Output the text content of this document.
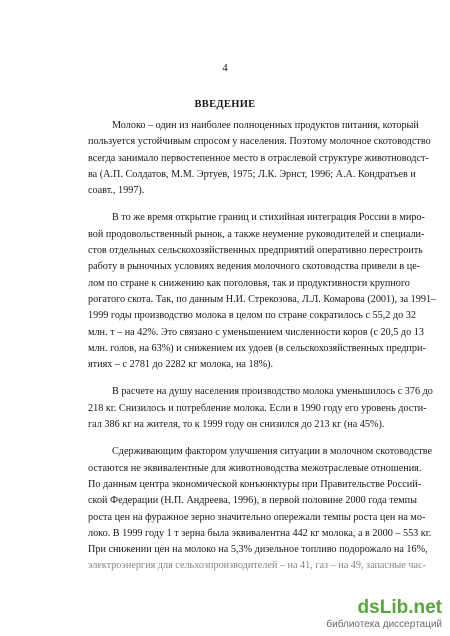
4
ВВЕДЕНИЕ
Молоко – один из наиболее полноценных продуктов питания, который
пользуется устойчивым спросом у населения. Поэтому молочное скотоводство
всегда занимало первостепенное место в отраслевой структуре животноводст-
ва (А.П. Солдатов, М.М. Эртуев, 1975; Л.К. Эрнст, 1996; А.А. Кондратьев и
соавт., 1997).
В то же время открытие границ и стихийная интеграция России в миро-
вой продовольственный рынок, а также неумение руководителей и специали-
стов отдельных сельскохозяйственных предприятий оперативно перестроить
работу в рыночных условиях ведения молочного скотоводства привели в це-
лом по стране к снижению как поголовья, так и продуктивности крупного
рогатого скота. Так, по данным Н.И. Стрекозова, Л.Л. Комарова (2001), за 1991–
1999 годы производство молока в целом по стране сократилось с 55,2 до 32
млн. т – на 42%. Это связано с уменьшением численности коров (с 20,5 до 13
млн. голов, на 63%) и снижением их удоев (в сельскохозяйственных предпри-
ятиях – с 2781 до 2282 кг молока, на 18%).
В расчете на душу населения производство молока уменьшилось с 376 до
218 кг. Снизилось и потребление молока. Если в 1990 году его уровень дости-
гал 386 кг на жителя, то к 1999 году он снизился до 213 кг (на 45%).
Сдерживающим фактором улучшения ситуации в молочном скотоводстве
остаются не эквивалентные для животноводства межотраслевые отношения.
По данным центра экономической конъюнктуры при Правительстве Россий-
ской Федерации (Н.П. Андреева, 1996), в первой половине 2000 года темпы
роста цен на фуражное зерно значительно опережали темпы роста цен на мо-
локо. В 1999 году 1 т зерна была эквивалентна 442 кг молока, а в 2000 – 553 кг.
При снижении цен на молоко на 5,3% дизельное топливо подорожало на 16%,
электроэнергия для сельхозпроизводителей – на 41, газ – на 49, запасные час-
dsLib.net
библиотека диссертаций
